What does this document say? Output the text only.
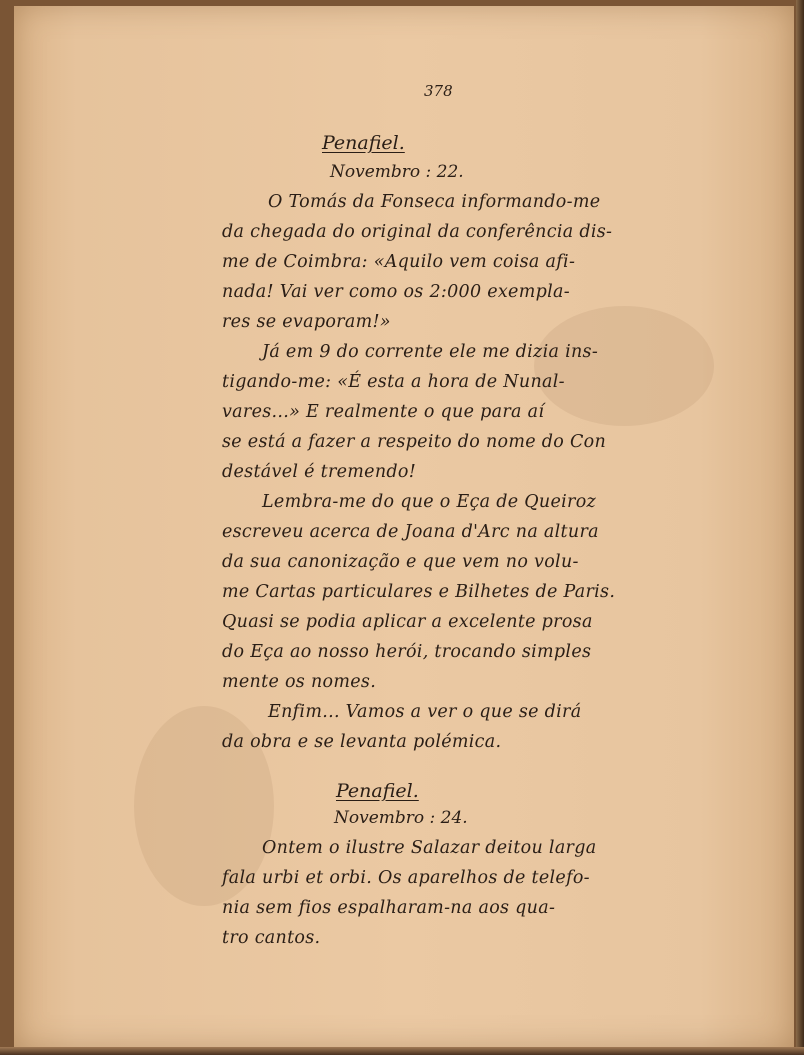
378
Penafiel.
Novembro : 22.
O Tomás da Fonseca informando-me
da chegada do original da conferência dis-
me de Coimbra: «Aquilo vem coisa afi-
nada! Vai ver como os 2:000 exempla-
res se evaporam!»
Já em 9 do corrente ele me dizia ins-
tigando-me: «É esta a hora de Nunal-
vares...» E realmente o que para aí
se está a fazer a respeito do nome do Con
destável é tremendo!
Lembra-me do que o Eça de Queiroz
escreveu acerca de Joana d'Arc na altura
da sua canonização e que vem no volu-
me Cartas particulares e Bilhetes de Paris.
Quasi se podia aplicar a excelente prosa
do Eça ao nosso herói, trocando simples
mente os nomes.
Enfim... Vamos a ver o que se dirá
da obra e se levanta polémica.
Penafiel.
Novembro : 24.
Ontem o ilustre Salazar deitou larga
fala urbi et orbi. Os aparelhos de telefo-
nia sem fios espalharam-na aos qua-
tro cantos.
